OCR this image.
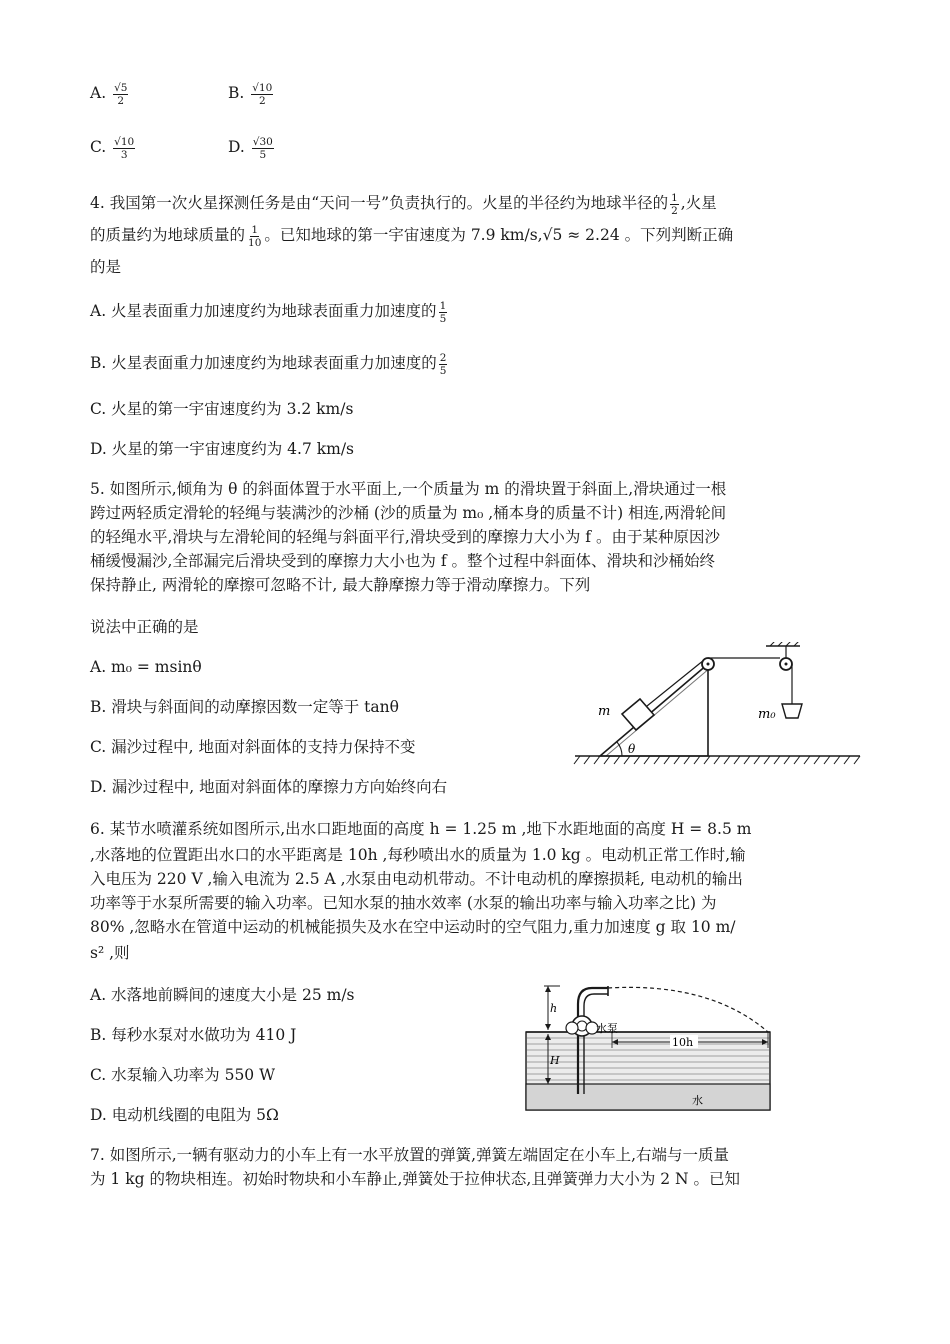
A. $\frac{√5}{2}$	B. $\frac{√10}{2}$
C. $\frac{√10}{3}$	D. $\frac{√30}{5}$
4. 我国第一次火星探测任务是由“天问一号”负责执行的。火星的半径约为地球半径的 $\frac{1}{2}$ ,火星
的质量约为地球质量的 $\frac{1}{10}$ 。已知地球的第一宇宙速度为 7.9 km/s,√5 ≈ 2.24 。下列判断正确
的是
A. 火星表面重力加速度约为地球表面重力加速度的 $\frac{1}{5}$
B. 火星表面重力加速度约为地球表面重力加速度的 $\frac{2}{5}$
C. 火星的第一宇宙速度约为 3.2 km/s
D. 火星的第一宇宙速度约为 4.7 km/s
5. 如图所示,倾角为 θ 的斜面体置于水平面上,一个质量为 m 的滑块置于斜面上,滑块通过一根
跨过两轻质定滑轮的轻绳与装满沙的沙桶 (沙的质量为 m₀ ,桶本身的质量不计) 相连,两滑轮间
的轻绳水平,滑块与左滑轮间的轻绳与斜面平行,滑块受到的摩擦力大小为 f 。由于某种原因沙
桶缓慢漏沙,全部漏完后滑块受到的摩擦力大小也为 f 。整个过程中斜面体、滑块和沙桶始终
保持静止, 两滑轮的摩擦可忽略不计, 最大静摩擦力等于滑动摩擦力。下列
说法中正确的是
A. m₀ = msinθ
B. 滑块与斜面间的动摩擦因数一定等于 tanθ
C. 漏沙过程中, 地面对斜面体的支持力保持不变
D. 漏沙过程中, 地面对斜面体的摩擦力方向始终向右
m	m₀
θ
6. 某节水喷灌系统如图所示,出水口距地面的高度 h = 1.25 m ,地下水距地面的高度 H = 8.5 m
,水落地的位置距出水口的水平距离是 10h ,每秒喷出水的质量为 1.0 kg 。电动机正常工作时,输
入电压为 220 V ,输入电流为 2.5 A ,水泵由电动机带动。不计电动机的摩擦损耗, 电动机的输出
功率等于水泵所需要的输入功率。已知水泵的抽水效率 (水泵的输出功率与输入功率之比) 为
80% ,忽略水在管道中运动的机械能损失及水在空中运动时的空气阻力,重力加速度 g 取 10 m/
s² ,则
A. 水落地前瞬间的速度大小是 25 m/s
B. 每秒水泵对水做功为 410 J
C. 水泵输入功率为 550 W
D. 电动机线圈的电阻为 5Ω
h
H
水泵
10h
水
7. 如图所示,一辆有驱动力的小车上有一水平放置的弹簧,弹簧左端固定在小车上,右端与一质量
为 1 kg 的物块相连。初始时物块和小车静止,弹簧处于拉伸状态,且弹簧弹力大小为 2 N 。已知
